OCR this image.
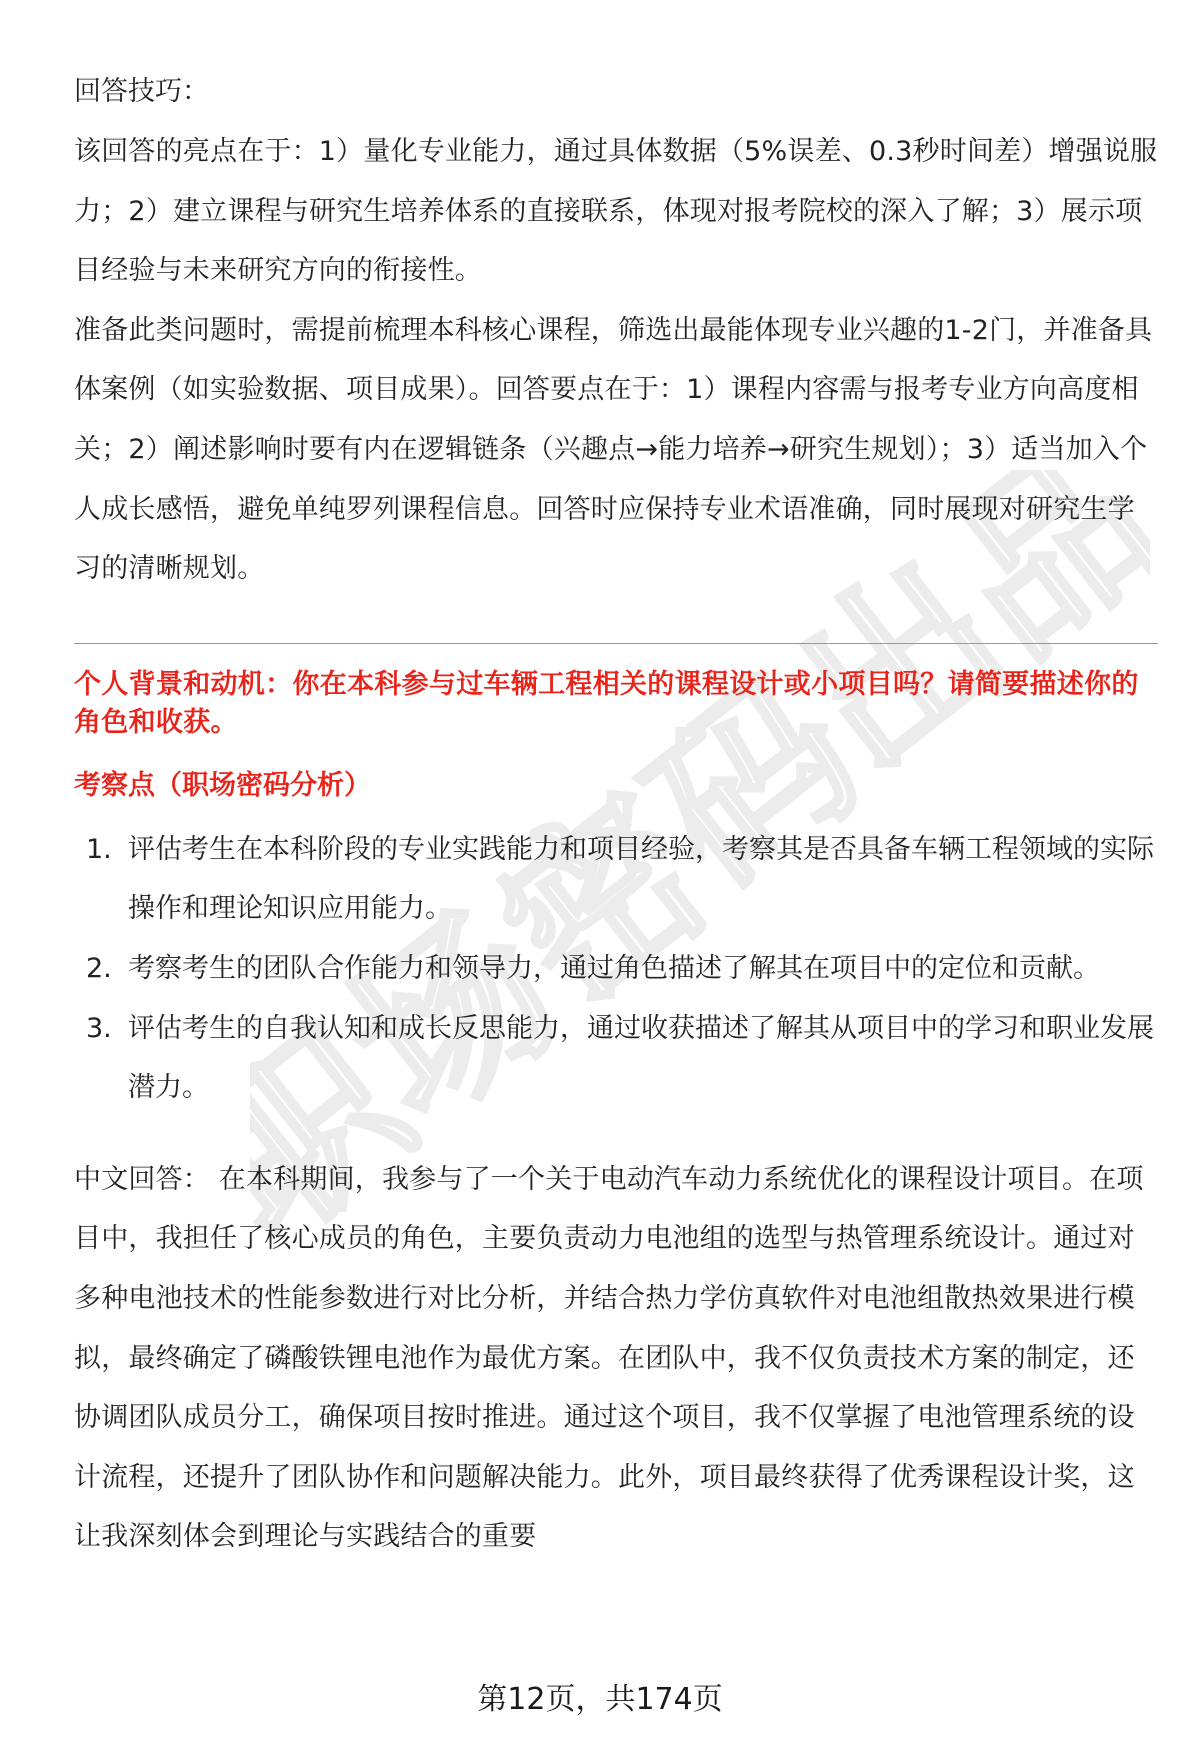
职场密码出品

回答技巧：

该回答的亮点在于：1）量化专业能力，通过具体数据（5%误差、0.3秒时间差）增强说服力；2）建立课程与研究生培养体系的直接联系，体现对报考院校的深入了解；3）展示项目经验与未来研究方向的衔接性。

准备此类问题时，需提前梳理本科核心课程，筛选出最能体现专业兴趣的1-2门，并准备具体案例（如实验数据、项目成果）。回答要点在于：1）课程内容需与报考专业方向高度相关；2）阐述影响时要有内在逻辑链条（兴趣点→能力培养→研究生规划）；3）适当加入个人成长感悟，避免单纯罗列课程信息。回答时应保持专业术语准确，同时展现对研究生学习的清晰规划。

个人背景和动机：你在本科参与过车辆工程相关的课程设计或小项目吗？请简要描述你的角色和收获。

考察点（职场密码分析）

1. 评估考生在本科阶段的专业实践能力和项目经验，考察其是否具备车辆工程领域的实际操作和理论知识应用能力。
2. 考察考生的团队合作能力和领导力，通过角色描述了解其在项目中的定位和贡献。
3. 评估考生的自我认知和成长反思能力，通过收获描述了解其从项目中的学习和职业发展潜力。

中文回答： 在本科期间，我参与了一个关于电动汽车动力系统优化的课程设计项目。在项目中，我担任了核心成员的角色，主要负责动力电池组的选型与热管理系统设计。通过对多种电池技术的性能参数进行对比分析，并结合热力学仿真软件对电池组散热效果进行模拟，最终确定了磷酸铁锂电池作为最优方案。在团队中，我不仅负责技术方案的制定，还协调团队成员分工，确保项目按时推进。通过这个项目，我不仅掌握了电池管理系统的设计流程，还提升了团队协作和问题解决能力。此外，项目最终获得了优秀课程设计奖，这让我深刻体会到理论与实践结合的重要

第12页，共174页
